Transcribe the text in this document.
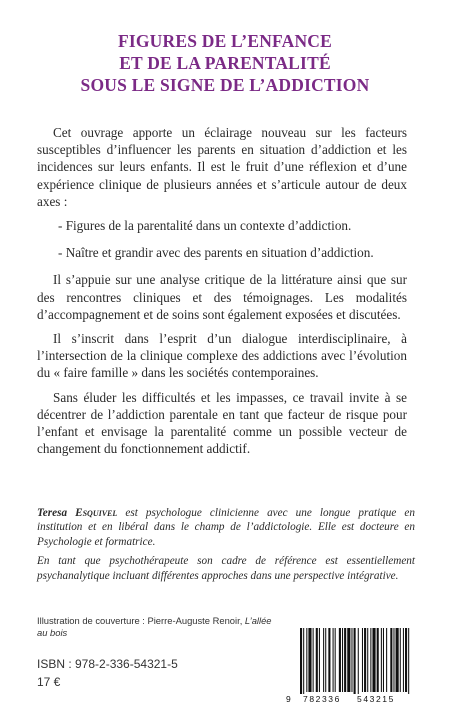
FIGURES DE L’ENFANCE
ET DE LA PARENTALITÉ
SOUS LE SIGNE DE L’ADDICTION

Cet ouvrage apporte un éclairage nouveau sur les facteurs susceptibles d’influencer les parents en situation d’addiction et les incidences sur leurs enfants. Il est le fruit d’une réflexion et d’une expérience clinique de plusieurs années et s’articule autour de deux axes :

- Figures de la parentalité dans un contexte d’addiction.

- Naître et grandir avec des parents en situation d’addiction.

Il s’appuie sur une analyse critique de la littérature ainsi que sur des rencontres cliniques et des témoignages. Les modalités d’accompagnement et de soins sont également exposées et discutées.

Il s’inscrit dans l’esprit d’un dialogue interdisciplinaire, à l’intersection de la clinique complexe des addictions avec l’évolution du « faire famille » dans les sociétés contemporaines.

Sans éluder les difficultés et les impasses, ce travail invite à se décentrer de l’addiction parentale en tant que facteur de risque pour l’enfant et envisage la parentalité comme un possible vecteur de changement du fonctionnement addictif.

Teresa Esquivel est psychologue clinicienne avec une longue pratique en institution et en libéral dans le champ de l’addictologie. Elle est docteure en Psychologie et formatrice.

En tant que psychothérapeute son cadre de référence est essentiellement psychanalytique incluant différentes approches dans une perspective intégrative.

Illustration de couverture : Pierre-Auguste Renoir, L’allée au bois
ISBN : 978-2-336-54321-5
17 €
9 782336 543215
